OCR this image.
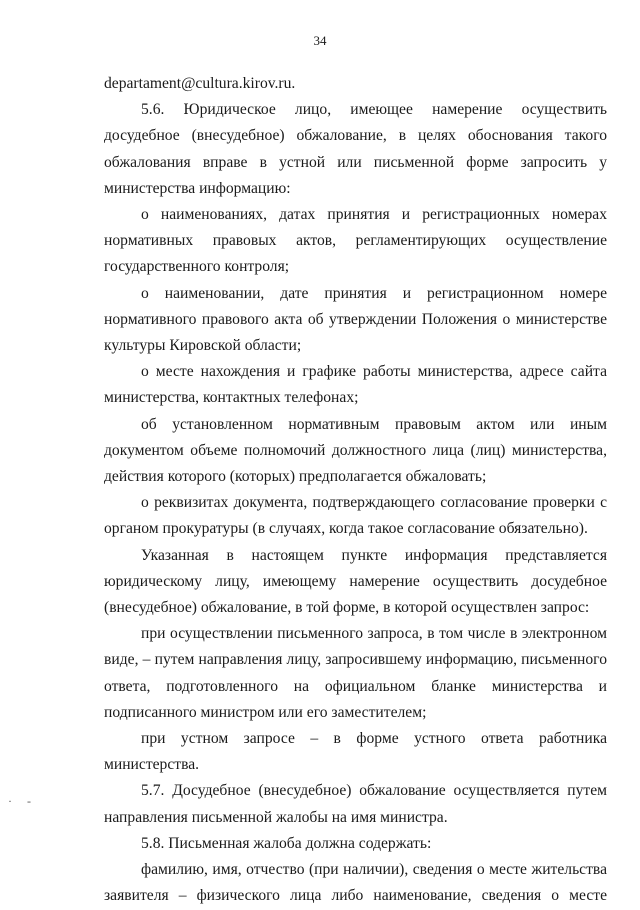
34

departament@cultura.kirov.ru.

5.6. Юридическое лицо, имеющее намерение осуществить досудебное (внесудебное) обжалование, в целях обоснования такого обжалования вправе в устной или письменной форме запросить у министерства информацию:

о наименованиях, датах принятия и регистрационных номерах нормативных правовых актов, регламентирующих осуществление государственного контроля;

о наименовании, дате принятия и регистрационном номере нормативного правового акта об утверждении Положения о министерстве культуры Кировской области;

о месте нахождения и графике работы министерства, адресе сайта министерства, контактных телефонах;

об установленном нормативным правовым актом или иным документом объеме полномочий должностного лица (лиц) министерства, действия которого (которых) предполагается обжаловать;

о реквизитах документа, подтверждающего согласование проверки с органом прокуратуры (в случаях, когда такое согласование обязательно).

Указанная в настоящем пункте информация представляется юридическому лицу, имеющему намерение осуществить досудебное (внесудебное) обжалование, в той форме, в которой осуществлен запрос:

при осуществлении письменного запроса, в том числе в электронном виде, – путем направления лицу, запросившему информацию, письменного ответа, подготовленного на официальном бланке министерства и подписанного министром или его заместителем;

при устном запросе – в форме устного ответа работника министерства.

5.7. Досудебное (внесудебное) обжалование осуществляется путем направления письменной жалобы на имя министра.

5.8. Письменная жалоба должна содержать:

фамилию, имя, отчество (при наличии), сведения о месте жительства заявителя – физического лица либо наименование, сведения о месте

· -
